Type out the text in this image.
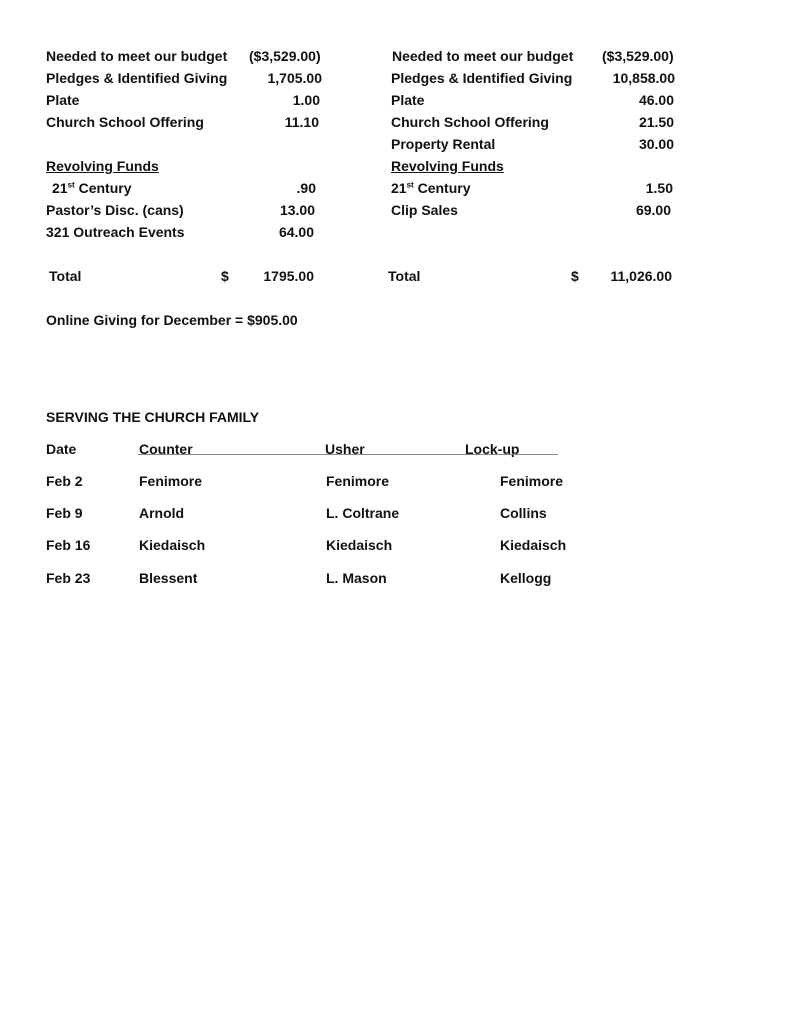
Needed to meet our budget ($3,529.00)
Pledges & Identified Giving	1,705.00
Plate	1.00
Church School Offering	11.10
Revolving Funds
21st Century	.90
Pastor’s Disc. (cans)	13.00
321 Outreach Events	64.00
Total	$ 1795.00
Online Giving for December = $905.00
Needed to meet our budget ($3,529.00)
Pledges & Identified Giving	10,858.00
Plate	46.00
Church School Offering	21.50
Property Rental	30.00
Revolving Funds
21st Century	1.50
Clip Sales	69.00
Total	$ 11,026.00
SERVING THE CHURCH FAMILY
Date	Counter	Usher	Lock-up
Feb 2	Fenimore	Fenimore	Fenimore
Feb 9	Arnold	L. Coltrane	Collins
Feb 16	Kiedaisch	Kiedaisch	Kiedaisch
Feb 23	Blessent	L. Mason	Kellogg
